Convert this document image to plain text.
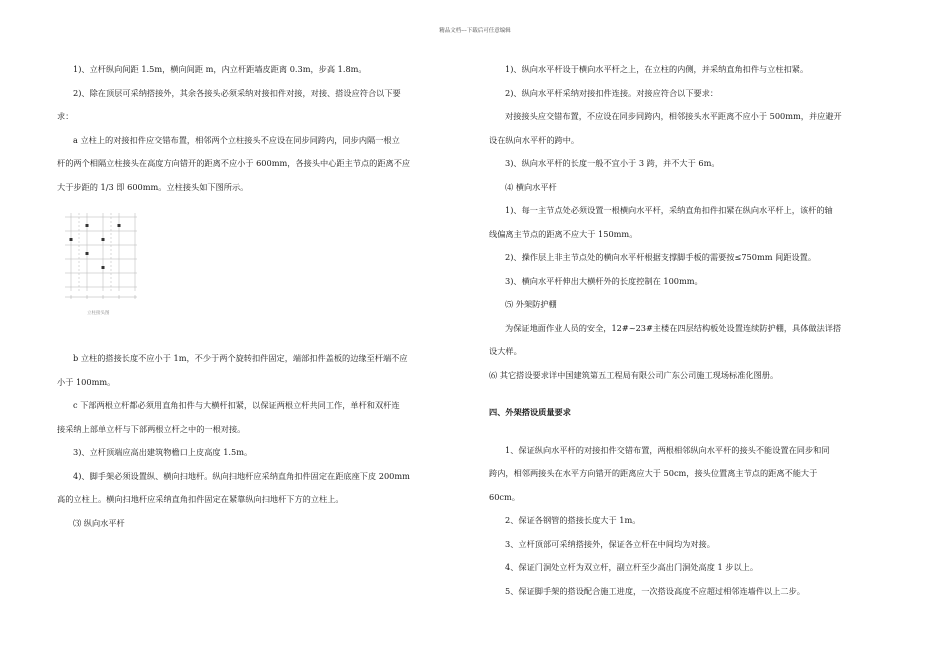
精品文档---下载后可任意编辑

1)、立杆纵向间距 1.5m，横向间距 m，内立杆距墙皮距离 0.3m，步高 1.8m。

2)、除在顶层可采纳搭接外，其余各接头必须采纳对接扣件对接，对接、搭设应符合以下要

求：

a 立柱上的对接扣件应交错布置，相邻两个立柱接头不应设在同步同跨内，同步内隔一根立

杆的两个相隔立柱接头在高度方向错开的距离不应小于 600mm，各接头中心距主节点的距离不应

大于步距的 1/3 即 600mm。立柱接头如下图所示。

立柱接头图

b 立柱的搭接长度不应小于 1m，不少于两个旋转扣件固定，端部扣件盖板的边缘至杆端不应

小于 100mm。

c 下部两根立杆都必须用直角扣件与大横杆扣紧，以保证两根立杆共同工作，单杆和双杆连

接采纳上部单立杆与下部两根立杆之中的一根对接。

3)、立杆顶端应高出建筑物檐口上皮高度 1.5m。

4)、脚手架必须设置纵、横向扫地杆。纵向扫地杆应采纳直角扣件固定在距底座下皮 200mm

高的立柱上。横向扫地杆应采纳直角扣件固定在紧靠纵向扫地杆下方的立柱上。

⑶ 纵向水平杆

1)、纵向水平杆设于横向水平杆之上，在立柱的内侧，并采纳直角扣件与立柱扣紧。

2)、纵向水平杆采纳对接扣件连接。对接应符合以下要求：

对接接头应交错布置，不应设在同步同跨内，相邻接头水平距离不应小于 500mm，并应避开

设在纵向水平杆的跨中。

3)、纵向水平杆的长度一般不宜小于 3 跨，并不大于 6m。

⑷ 横向水平杆

1)、每一主节点处必须设置一根横向水平杆，采纳直角扣件扣紧在纵向水平杆上，该杆的轴

线偏离主节点的距离不应大于 150mm。

2)、操作层上非主节点处的横向水平杆根据支撑脚手板的需要按≤750mm 间距设置。

3)、横向水平杆伸出大横杆外的长度控制在 100mm。

⑸ 外架防护棚

为保证地面作业人员的安全，12#~23#主楼在四层结构板处设置连续防护棚，具体做法详搭

设大样。

⑹ 其它搭设要求详中国建筑第五工程局有限公司广东公司施工现场标准化图册。

四、外架搭设质量要求

1、保证纵向水平杆的对接扣件交错布置，两根相邻纵向水平杆的接头不能设置在同步和同

跨内，相邻两接头在水平方向错开的距离应大于 50cm，接头位置离主节点的距离不能大于

60cm。

2、保证各钢管的搭接长度大于 1m。

3、立杆顶部可采纳搭接外，保证各立杆在中间均为对接。

4、保证门洞处立杆为双立杆，副立杆至少高出门洞处高度 1 步以上。

5、保证脚手架的搭设配合施工进度，一次搭设高度不应超过相邻连墙件以上二步。
